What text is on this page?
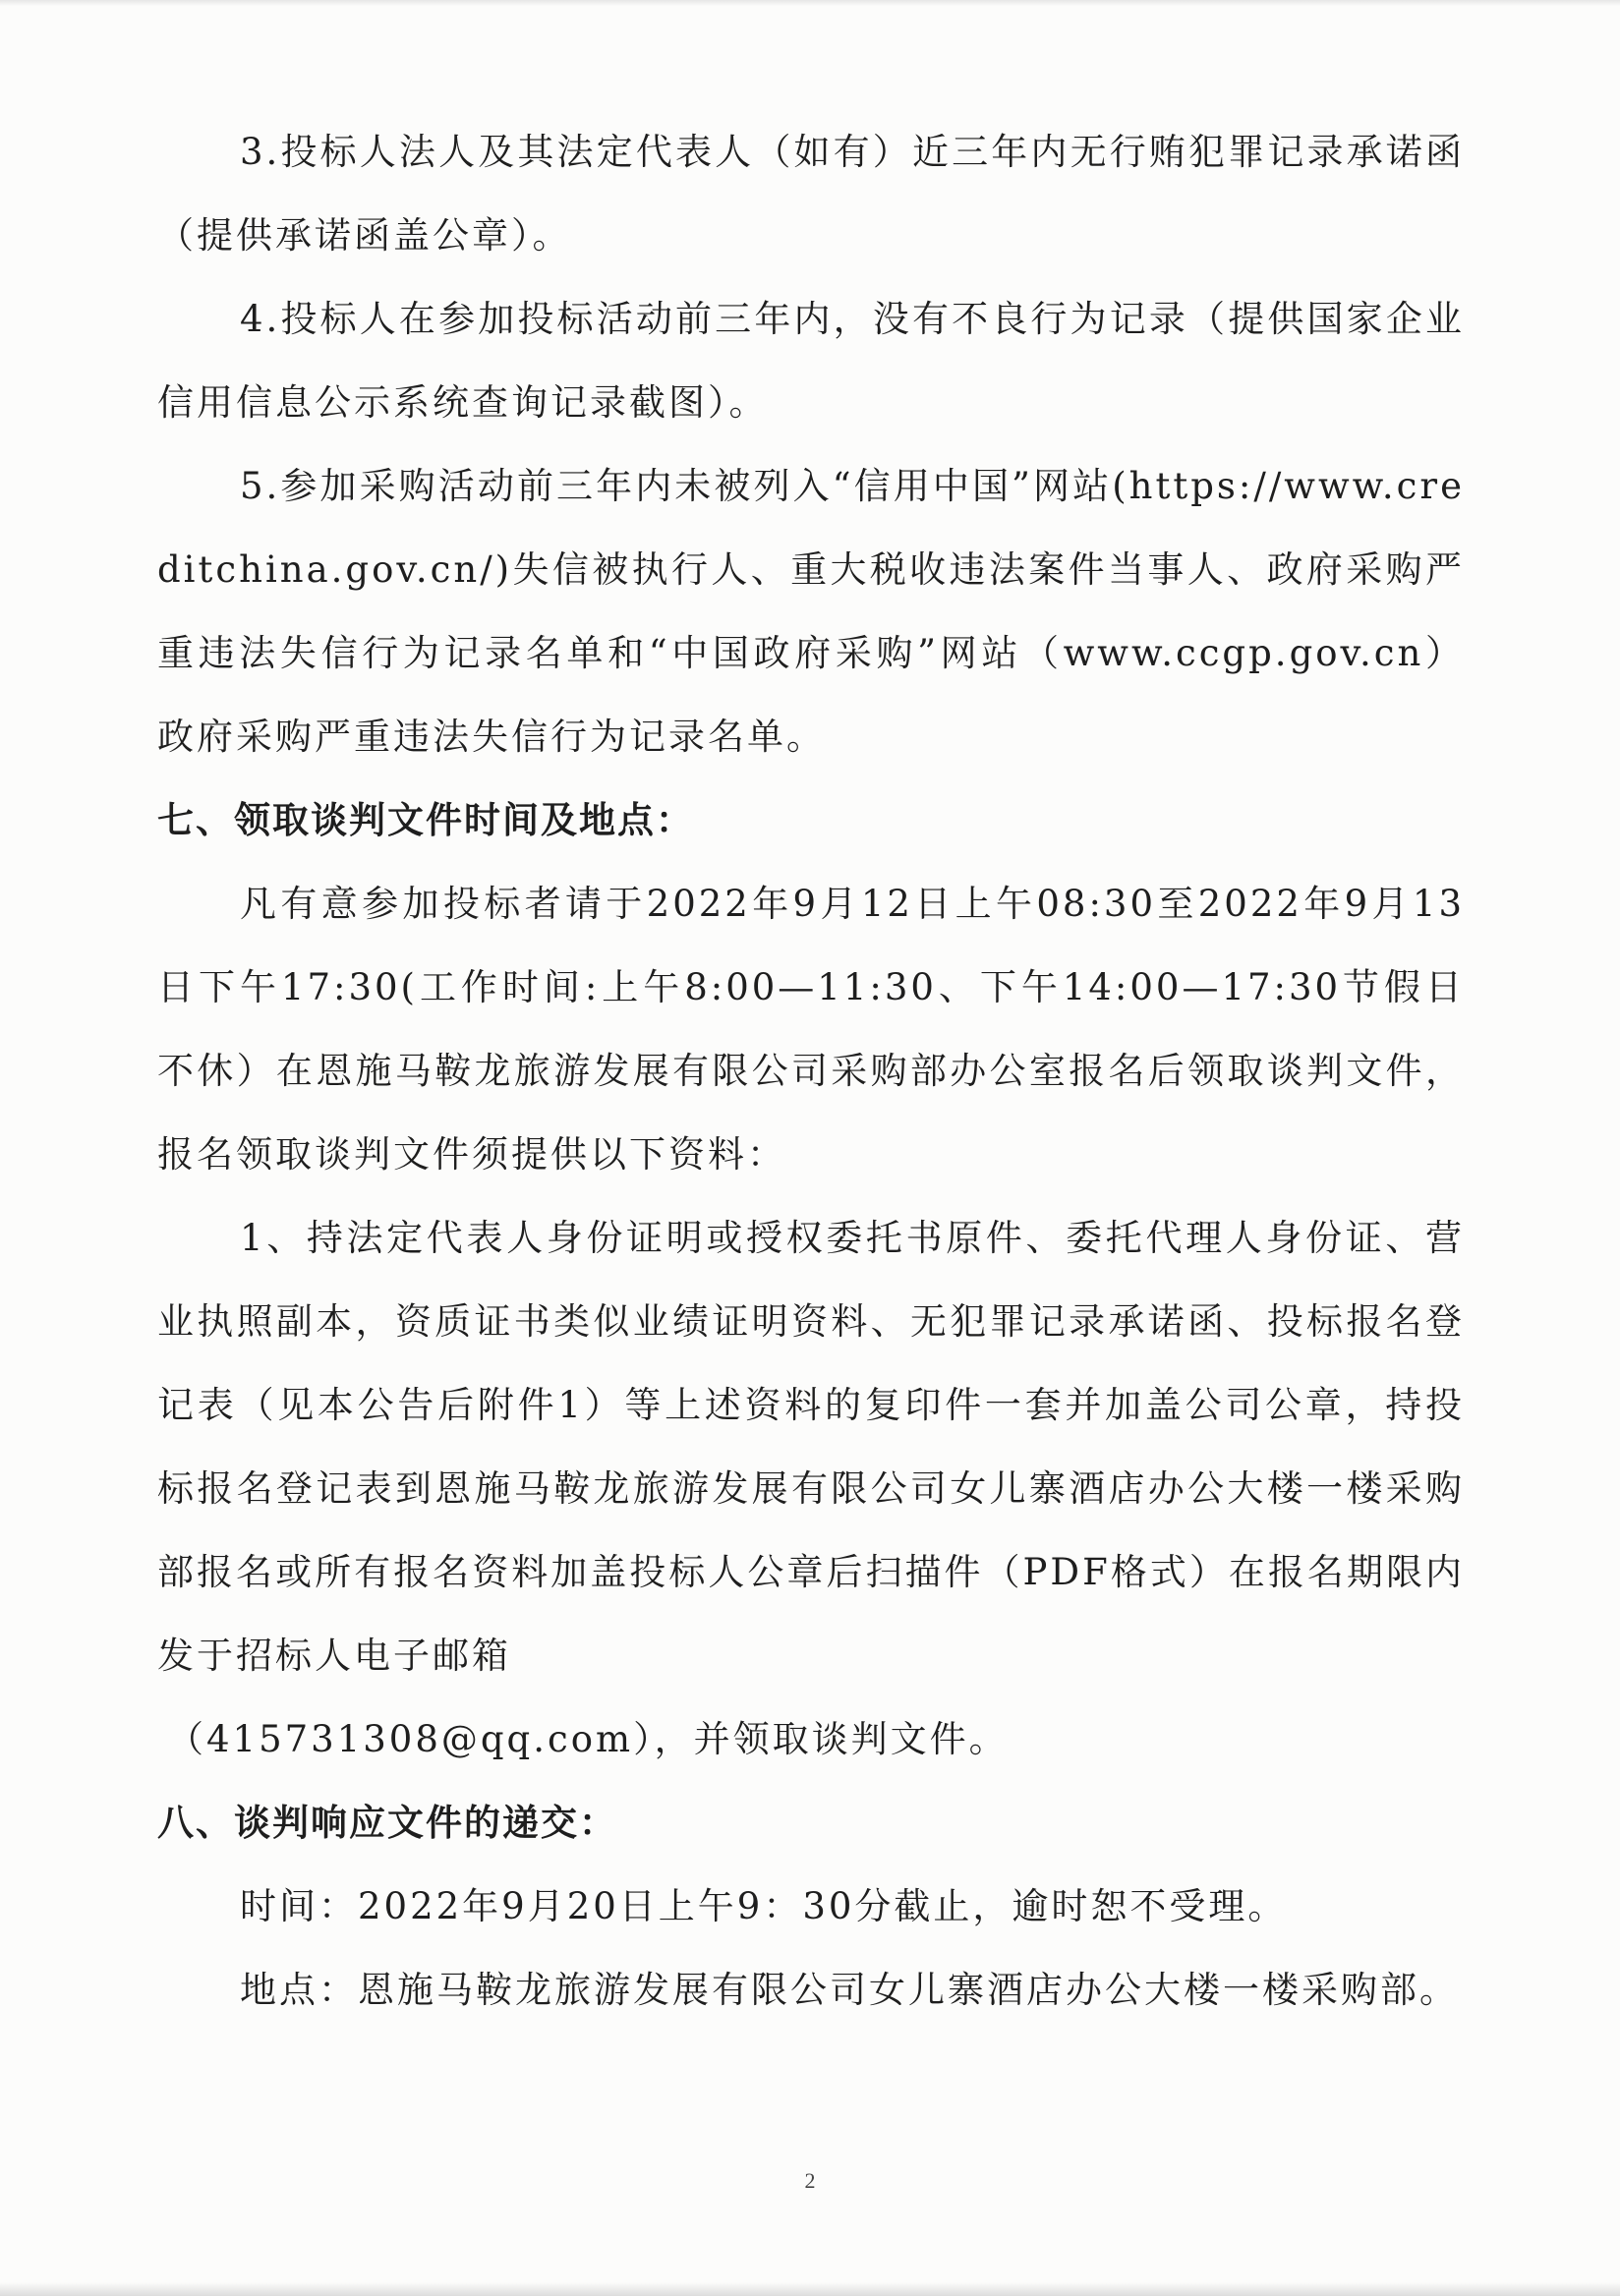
3.投标人法人及其法定代表人（如有）近三年内无行贿犯罪记录承诺函（提供承诺函盖公章）。

4.投标人在参加投标活动前三年内，没有不良行为记录（提供国家企业信用信息公示系统查询记录截图）。

5.参加采购活动前三年内未被列入“信用中国”网站(https://www.creditchina.gov.cn/)失信被执行人、重大税收违法案件当事人、政府采购严重违法失信行为记录名单和“中国政府采购”网站（www.ccgp.gov.cn）政府采购严重违法失信行为记录名单。

七、领取谈判文件时间及地点：

凡有意参加投标者请于2022年9月12日上午08:30至2022年9月13日下午17:30(工作时间:上午8:00—11:30、下午14:00—17:30节假日不休）在恩施马鞍龙旅游发展有限公司采购部办公室报名后领取谈判文件，报名领取谈判文件须提供以下资料：

1、持法定代表人身份证明或授权委托书原件、委托代理人身份证、营业执照副本，资质证书类似业绩证明资料、无犯罪记录承诺函、投标报名登记表（见本公告后附件1）等上述资料的复印件一套并加盖公司公章，持投标报名登记表到恩施马鞍龙旅游发展有限公司女儿寨酒店办公大楼一楼采购部报名或所有报名资料加盖投标人公章后扫描件（PDF格式）在报名期限内发于招标人电子邮箱

（415731308@qq.com），并领取谈判文件。

八、谈判响应文件的递交：

时间：2022年9月20日上午9：30分截止，逾时恕不受理。

地点：恩施马鞍龙旅游发展有限公司女儿寨酒店办公大楼一楼采购部。

2
